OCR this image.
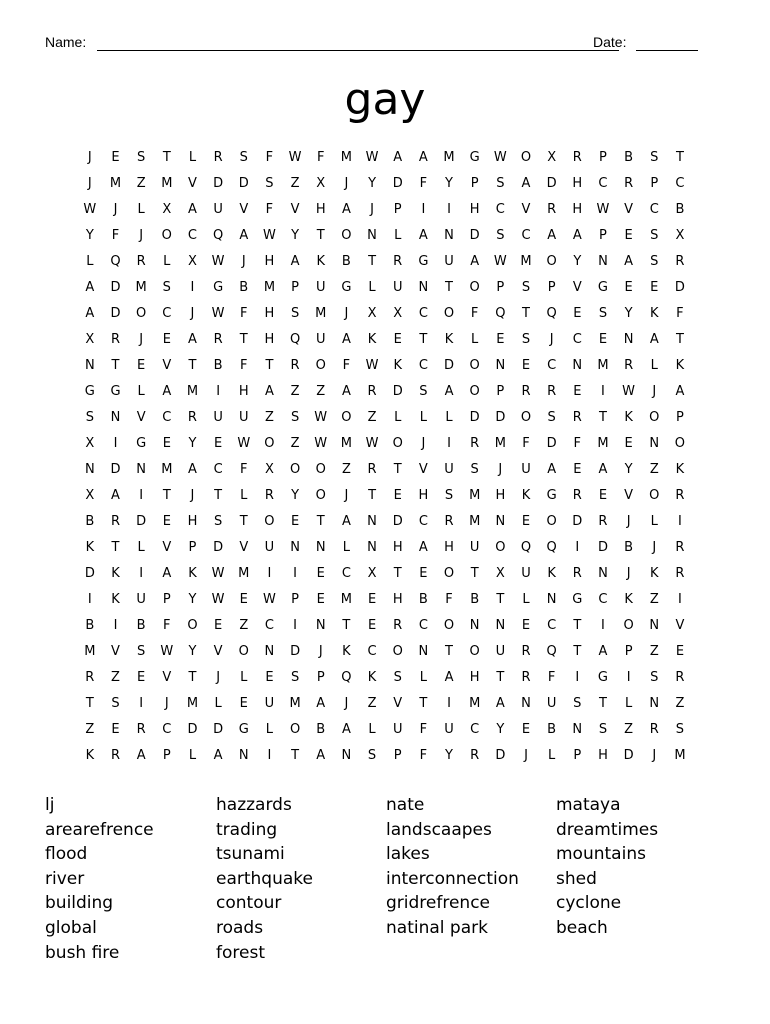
Name:	Date:
gay
J	E	S	T	L	R	S	F	W	F	M	W	A	A	M	G	W	O	X	R	P	B	S	T
J	M	Z	M	V	D	D	S	Z	X	J	Y	D	F	Y	P	S	A	D	H	C	R	P	C
W	J	L	X	A	U	V	F	V	H	A	J	P	I	I	H	C	V	R	H	W	V	C	B
Y	F	J	O	C	Q	A	W	Y	T	O	N	L	A	N	D	S	C	A	A	P	E	S	X
L	Q	R	L	X	W	J	H	A	K	B	T	R	G	U	A	W	M	O	Y	N	A	S	R
A	D	M	S	I	G	B	M	P	U	G	L	U	N	T	O	P	S	P	V	G	E	E	D
A	D	O	C	J	W	F	H	S	M	J	X	X	C	O	F	Q	T	Q	E	S	Y	K	F
X	R	J	E	A	R	T	H	Q	U	A	K	E	T	K	L	E	S	J	C	E	N	A	T
N	T	E	V	T	B	F	T	R	O	F	W	K	C	D	O	N	E	C	N	M	R	L	K
G	G	L	A	M	I	H	A	Z	Z	A	R	D	S	A	O	P	R	R	E	I	W	J	A
S	N	V	C	R	U	U	Z	S	W	O	Z	L	L	L	D	D	O	S	R	T	K	O	P
X	I	G	E	Y	E	W	O	Z	W	M	W	O	J	I	R	M	F	D	F	M	E	N	O
N	D	N	M	A	C	F	X	O	O	Z	R	T	V	U	S	J	U	A	E	A	Y	Z	K
X	A	I	T	J	T	L	R	Y	O	J	T	E	H	S	M	H	K	G	R	E	V	O	R
B	R	D	E	H	S	T	O	E	T	A	N	D	C	R	M	N	E	O	D	R	J	L	I
K	T	L	V	P	D	V	U	N	N	L	N	H	A	H	U	O	Q	Q	I	D	B	J	R
D	K	I	A	K	W	M	I	I	E	C	X	T	E	O	T	X	U	K	R	N	J	K	R
I	K	U	P	Y	W	E	W	P	E	M	E	H	B	F	B	T	L	N	G	C	K	Z	I
B	I	B	F	O	E	Z	C	I	N	T	E	R	C	O	N	N	E	C	T	I	O	N	V
M	V	S	W	Y	V	O	N	D	J	K	C	O	N	T	O	U	R	Q	T	A	P	Z	E
R	Z	E	V	T	J	L	E	S	P	Q	K	S	L	A	H	T	R	F	I	G	I	S	R
T	S	I	J	M	L	E	U	M	A	J	Z	V	T	I	M	A	N	U	S	T	L	N	Z
Z	E	R	C	D	D	G	L	O	B	A	L	U	F	U	C	Y	E	B	N	S	Z	R	S
K	R	A	P	L	A	N	I	T	A	N	S	P	F	Y	R	D	J	L	P	H	D	J	M
lj
arearefrence
flood
river
building
global
bush fire
hazzards
trading
tsunami
earthquake
contour
roads
forest
nate
landscaapes
lakes
interconnection
gridrefrence
natinal park
mataya
dreamtimes
mountains
shed
cyclone
beach
